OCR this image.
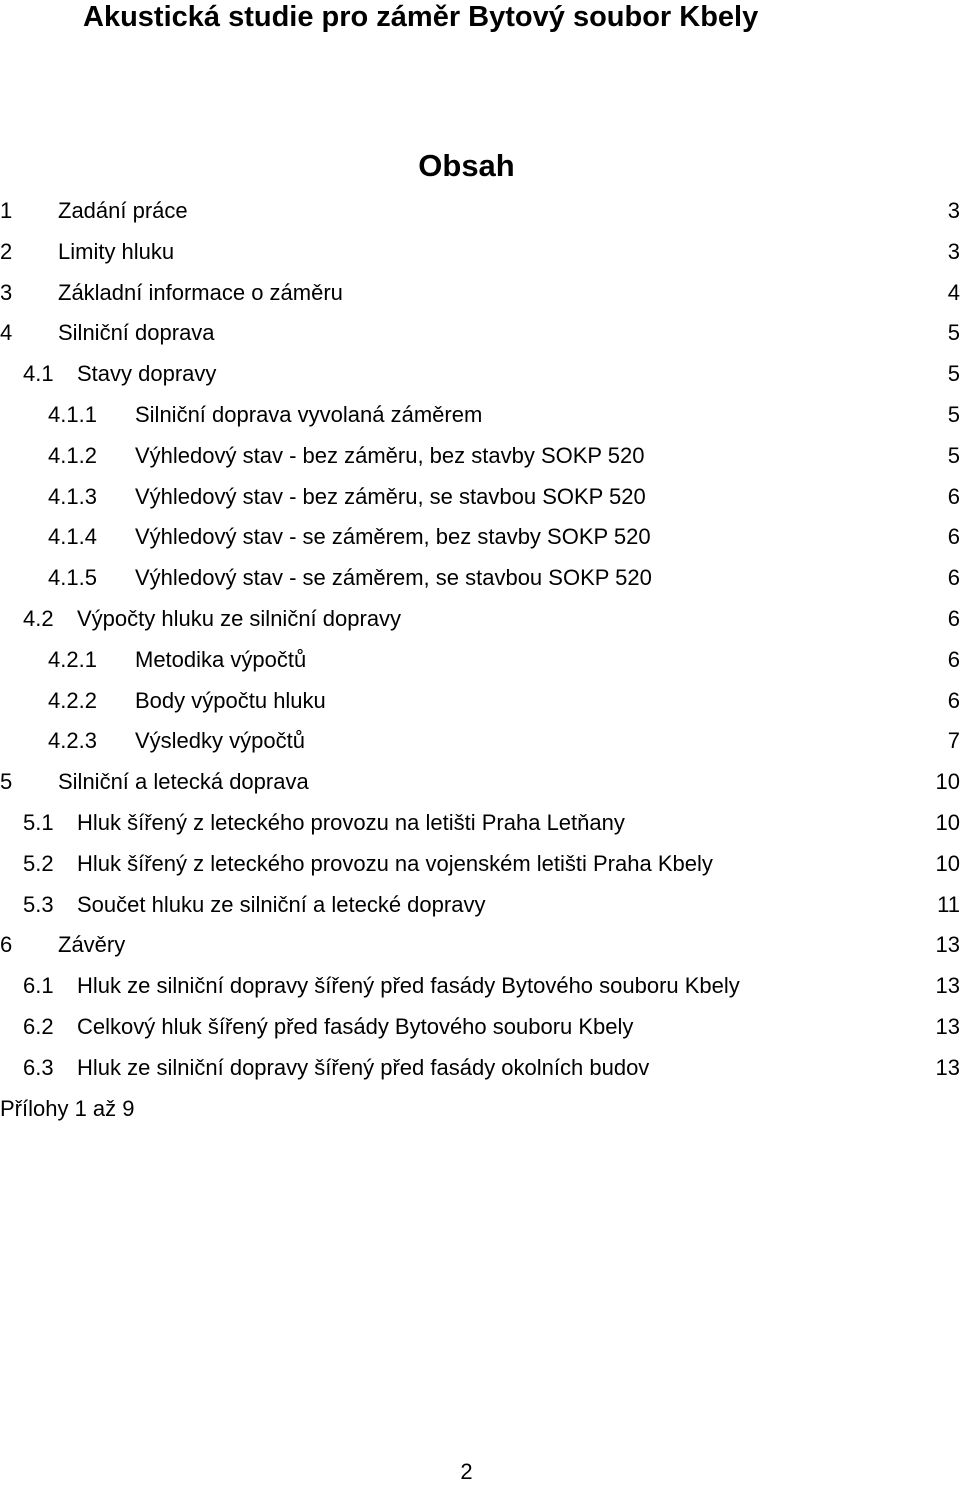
Akustická studie pro záměr Bytový soubor Kbely
Obsah
1 Zadání práce	3
2 Limity hluku	3
3 Základní informace o záměru	4
4 Silniční doprava	5
4.1 Stavy dopravy	5
4.1.1 Silniční doprava vyvolaná záměrem	5
4.1.2 Výhledový stav - bez záměru, bez stavby SOKP 520	5
4.1.3 Výhledový stav - bez záměru, se stavbou SOKP 520	6
4.1.4 Výhledový stav - se záměrem, bez stavby SOKP 520	6
4.1.5 Výhledový stav - se záměrem, se stavbou SOKP 520	6
4.2 Výpočty hluku ze silniční dopravy	6
4.2.1 Metodika výpočtů	6
4.2.2 Body výpočtu hluku	6
4.2.3 Výsledky výpočtů	7
5 Silniční a letecká doprava	10
5.1 Hluk šířený z leteckého provozu na letišti Praha Letňany	10
5.2 Hluk šířený z leteckého provozu na vojenském letišti Praha Kbely	10
5.3 Součet hluku ze silniční a letecké dopravy	11
6 Závěry	13
6.1 Hluk ze silniční dopravy šířený před fasády Bytového souboru Kbely	13
6.2 Celkový hluk šířený před fasády Bytového souboru Kbely	13
6.3 Hluk ze silniční dopravy šířený před fasády okolních budov	13
Přílohy 1 až 9
2
